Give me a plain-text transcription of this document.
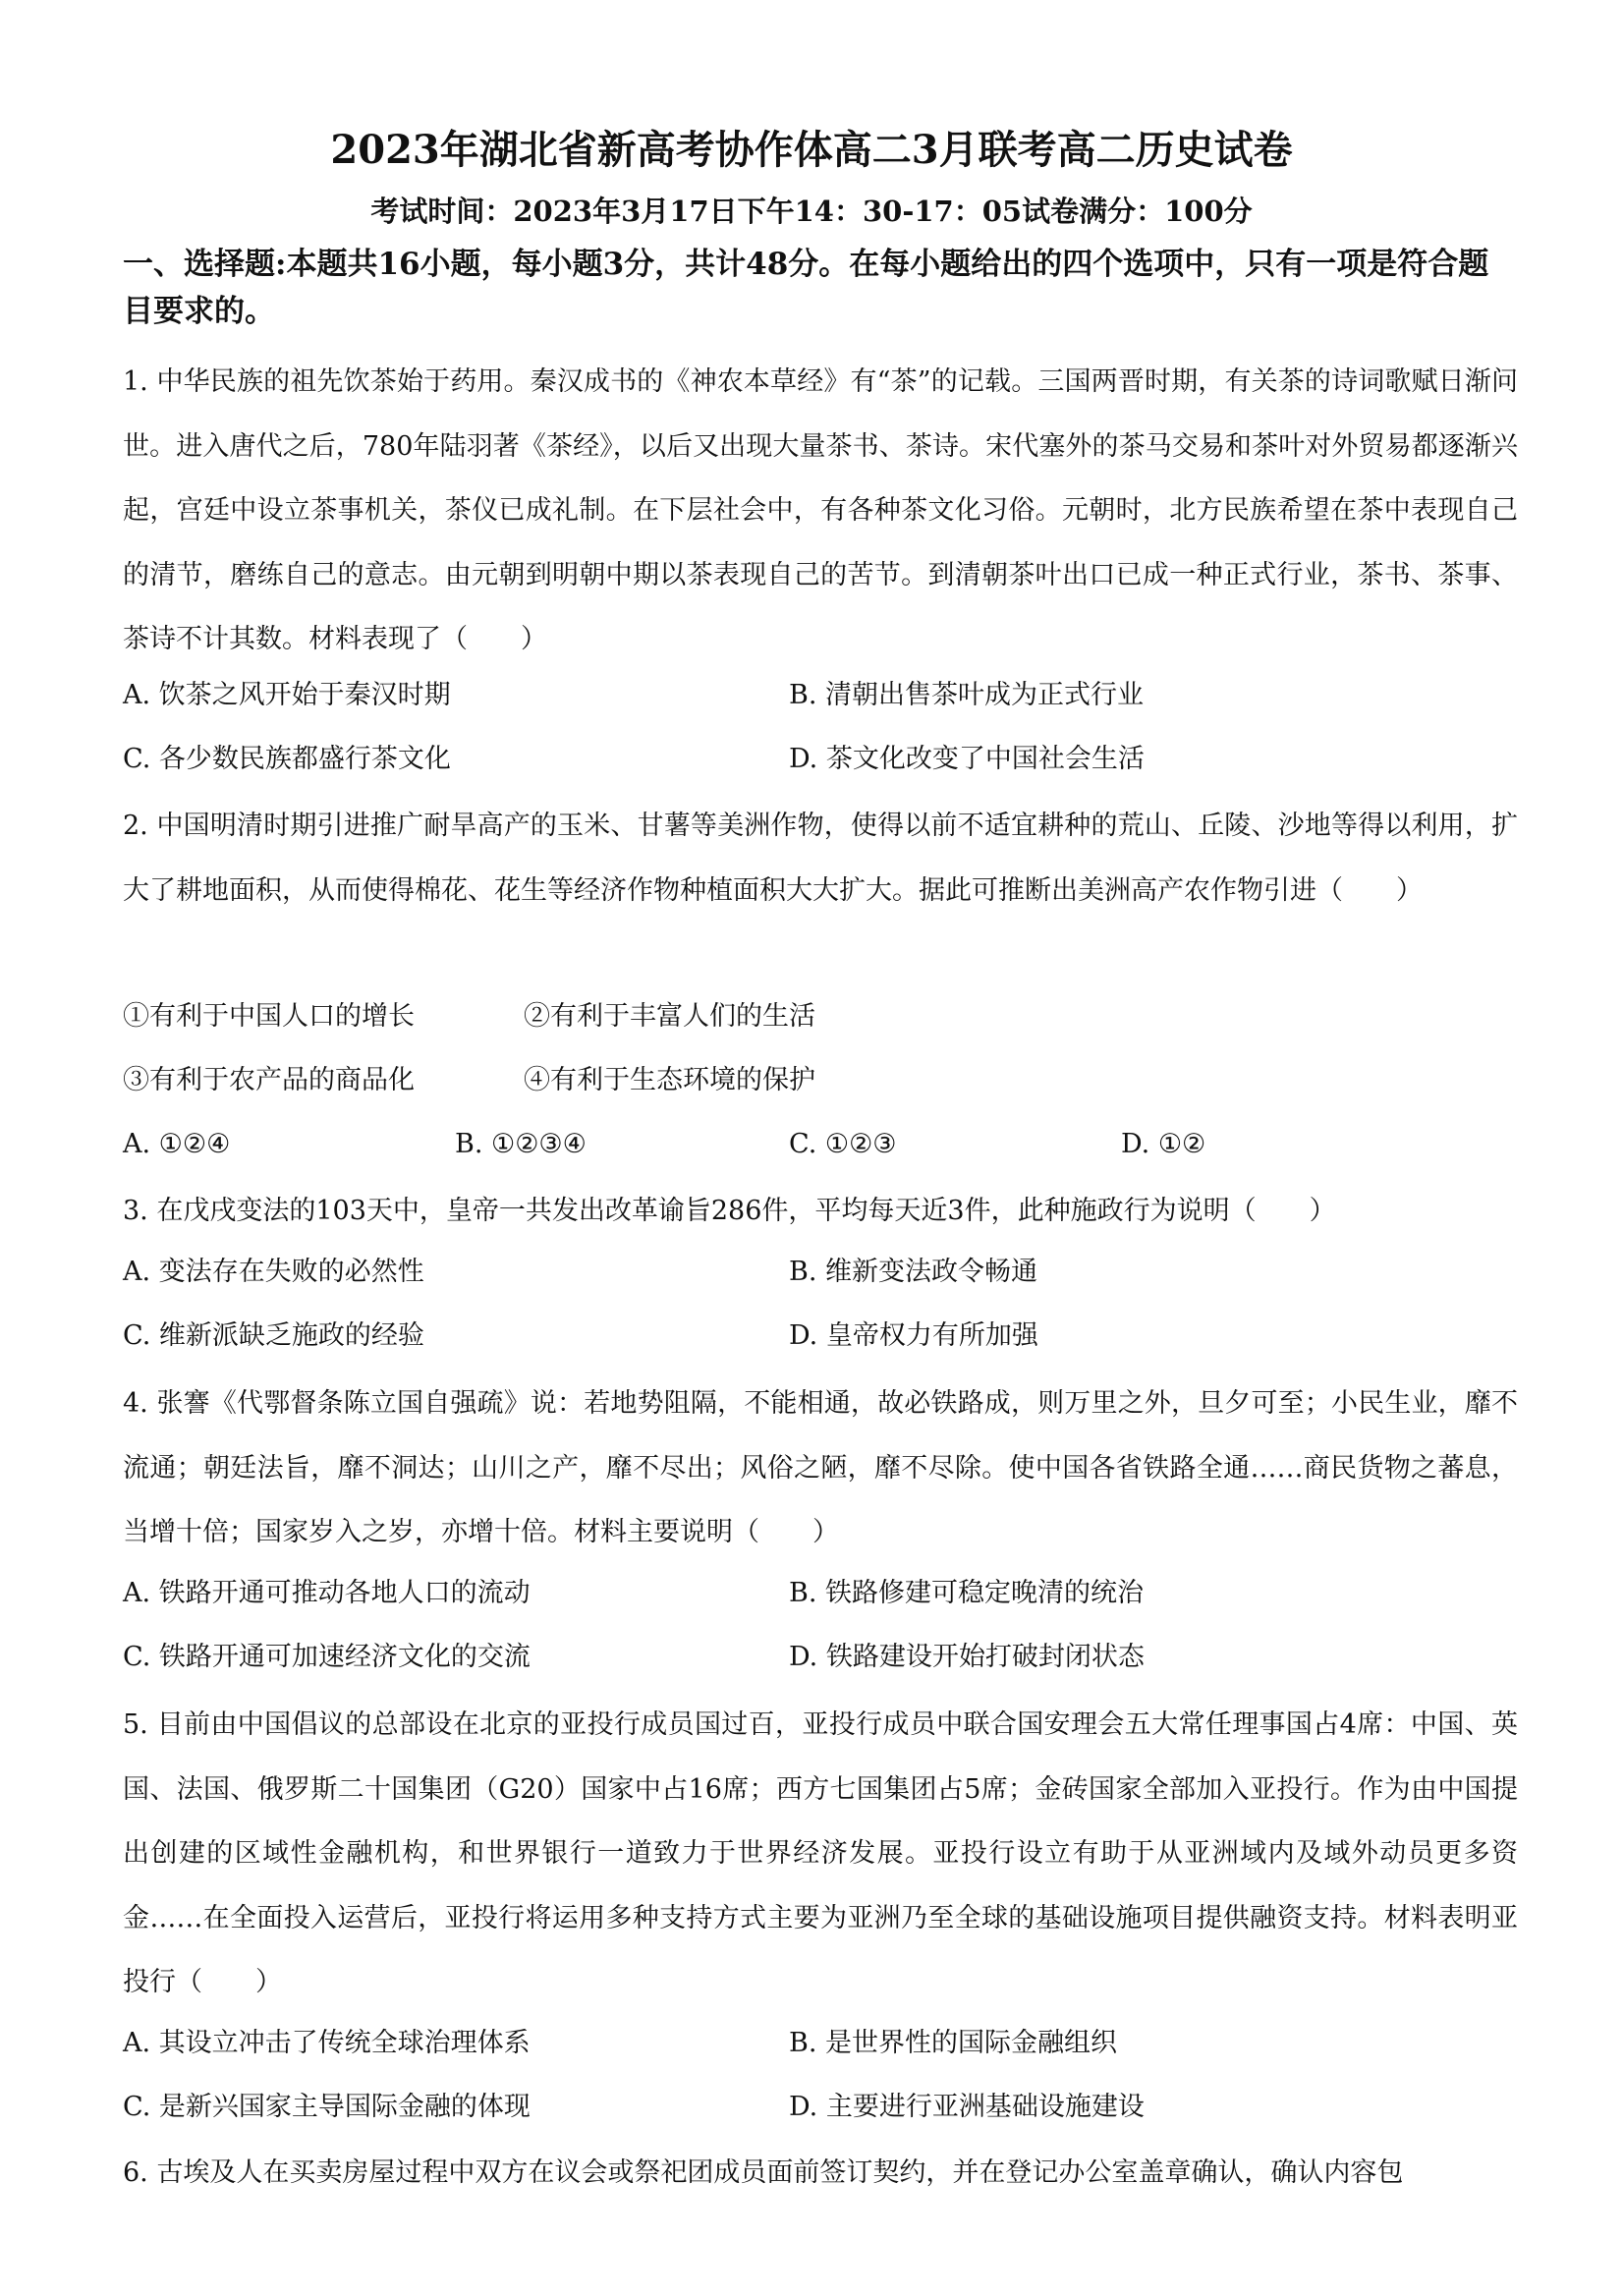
2023年湖北省新高考协作体高二3月联考高二历史试卷
考试时间：2023年3月17日下午14：30-17：05试卷满分：100分
一、选择题:本题共16小题，每小题3分，共计48分。在每小题给出的四个选项中，只有一项是符合题目要求的。
1. 中华民族的祖先饮茶始于药用。秦汉成书的《神农本草经》有“茶”的记载。三国两晋时期，有关茶的诗词歌赋日渐问世。进入唐代之后，780年陆羽著《茶经》，以后又出现大量茶书、茶诗。宋代塞外的茶马交易和茶叶对外贸易都逐渐兴起，宫廷中设立茶事机关，茶仪已成礼制。在下层社会中，有各种茶文化习俗。元朝时，北方民族希望在茶中表现自己的清节，磨练自己的意志。由元朝到明朝中期以茶表现自己的苦节。到清朝茶叶出口已成一种正式行业，茶书、茶事、茶诗不计其数。材料表现了（　　）
A. 饮茶之风开始于秦汉时期	B. 清朝出售茶叶成为正式行业
C. 各少数民族都盛行茶文化	D. 茶文化改变了中国社会生活
2. 中国明清时期引进推广耐旱高产的玉米、甘薯等美洲作物，使得以前不适宜耕种的荒山、丘陵、沙地等得以利用，扩大了耕地面积，从而使得棉花、花生等经济作物种植面积大大扩大。据此可推断出美洲高产农作物引进（　　）
①有利于中国人口的增长	②有利于丰富人们的生活
③有利于农产品的商品化	④有利于生态环境的保护
A. ①②④	B. ①②③④	C. ①②③	D. ①②
3. 在戊戌变法的103天中，皇帝一共发出改革谕旨286件，平均每天近3件，此种施政行为说明（　　）
A. 变法存在失败的必然性	B. 维新变法政令畅通
C. 维新派缺乏施政的经验	D. 皇帝权力有所加强
4. 张謇《代鄂督条陈立国自强疏》说：若地势阻隔，不能相通，故必铁路成，则万里之外，旦夕可至；小民生业，靡不流通；朝廷法旨，靡不洞达；山川之产，靡不尽出；风俗之陋，靡不尽除。使中国各省铁路全通……商民货物之蕃息，当增十倍；国家岁入之岁，亦增十倍。材料主要说明（　　）
A. 铁路开通可推动各地人口的流动	B. 铁路修建可稳定晚清的统治
C. 铁路开通可加速经济文化的交流	D. 铁路建设开始打破封闭状态
5. 目前由中国倡议的总部设在北京的亚投行成员国过百，亚投行成员中联合国安理会五大常任理事国占4席：中国、英国、法国、俄罗斯二十国集团（G20）国家中占16席；西方七国集团占5席；金砖国家全部加入亚投行。作为由中国提出创建的区域性金融机构，和世界银行一道致力于世界经济发展。亚投行设立有助于从亚洲域内及域外动员更多资金……在全面投入运营后，亚投行将运用多种支持方式主要为亚洲乃至全球的基础设施项目提供融资支持。材料表明亚投行（　　）
A. 其设立冲击了传统全球治理体系	B. 是世界性的国际金融组织
C. 是新兴国家主导国际金融的体现	D. 主要进行亚洲基础设施建设
6. 古埃及人在买卖房屋过程中双方在议会或祭祀团成员面前签订契约，并在登记办公室盖章确认，确认内容包
